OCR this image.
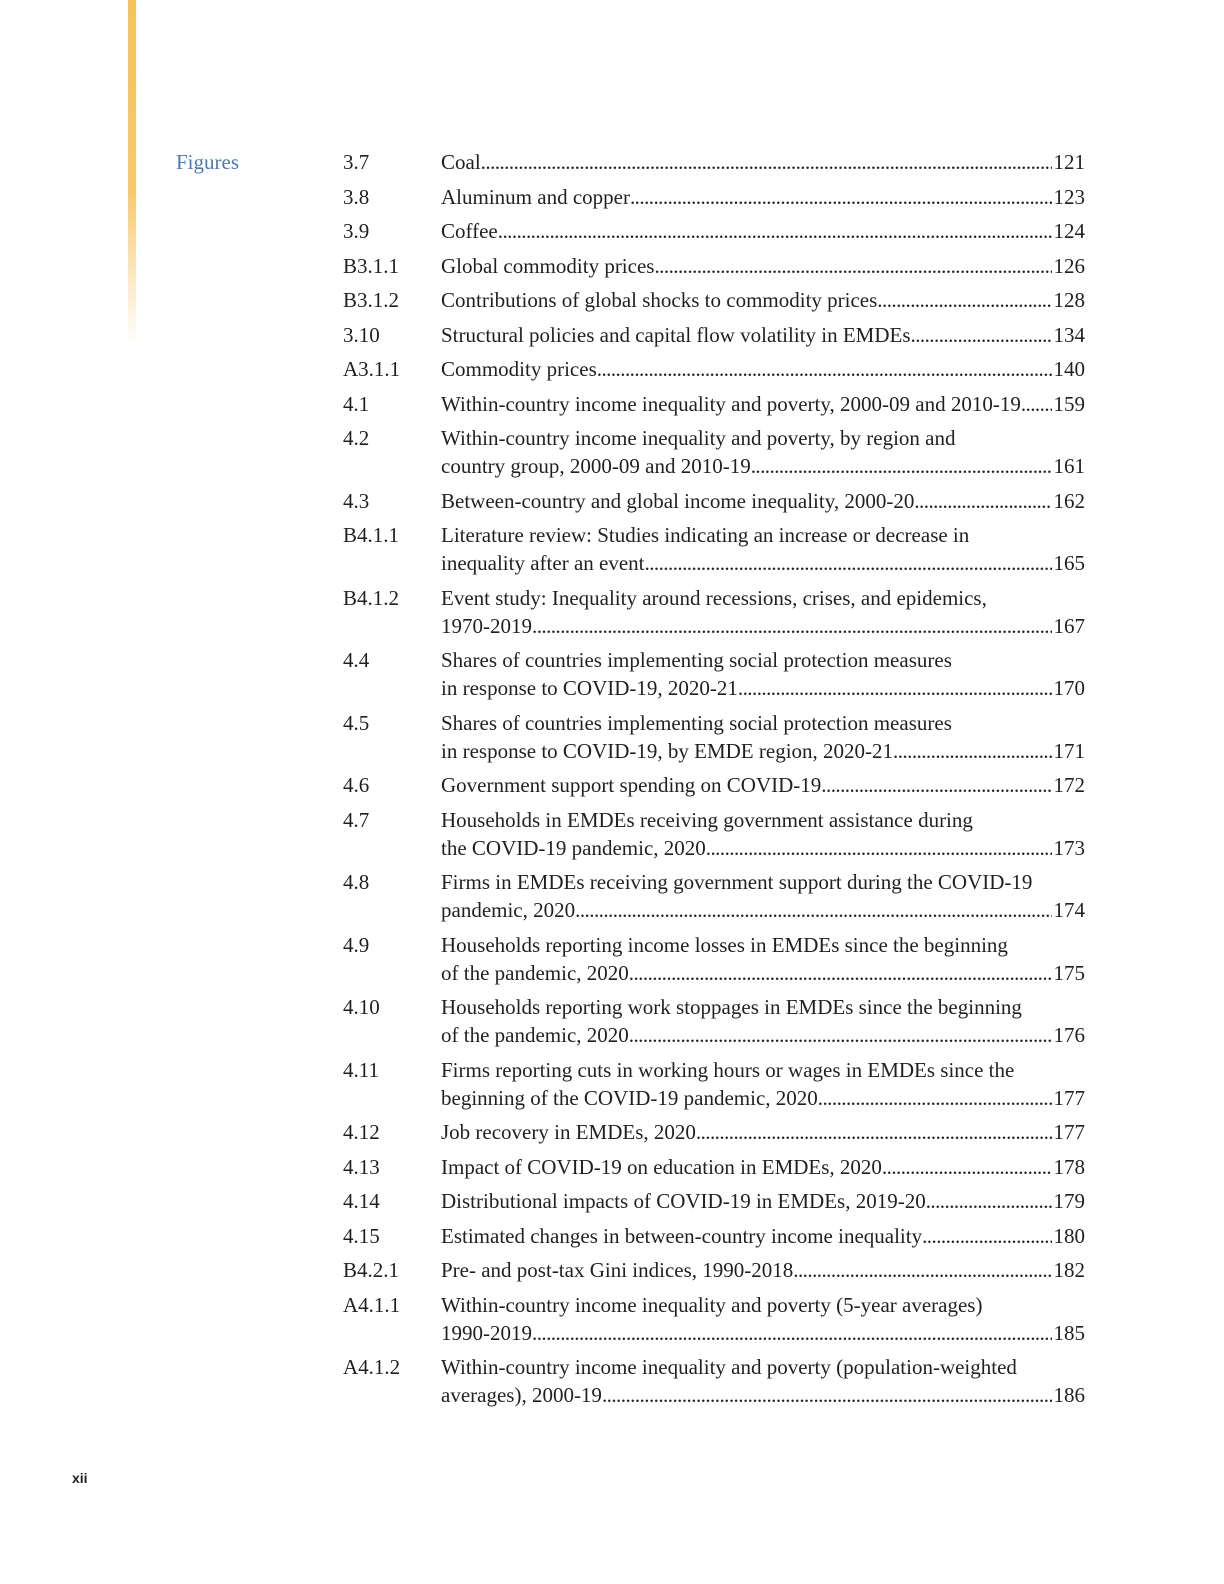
Figures	3.7	Coal . . .	121
3.8	Aluminum and copper . . .	123
3.9	Coffee . . .	124
B3.1.1	Global commodity prices . . .	126
B3.1.2	Contributions of global shocks to commodity prices . . .	128
3.10	Structural policies and capital flow volatility in EMDEs . . .	134
A3.1.1	Commodity prices . . .	140
4.1	Within-country income inequality and poverty, 2000-09 and 2010-19 . . . 159
4.2	Within-country income inequality and poverty, by region and
country group, 2000-09 and 2010-19 . . .	161
4.3	Between-country and global income inequality, 2000-20 . . .	162
B4.1.1	Literature review: Studies indicating an increase or decrease in
inequality after an event . . .	165
B4.1.2	Event study: Inequality around recessions, crises, and epidemics,
1970-2019 . . .	167
4.4	Shares of countries implementing social protection measures
in response to COVID-19, 2020-21 . . .	170
4.5	Shares of countries implementing social protection measures
in response to COVID-19, by EMDE region, 2020-21 . . .	171
4.6	Government support spending on COVID-19 . . .	172
4.7	Households in EMDEs receiving government assistance during
the COVID-19 pandemic, 2020 . . .	173
4.8	Firms in EMDEs receiving government support during the COVID-19
pandemic, 2020 . . .	174
4.9	Households reporting income losses in EMDEs since the beginning
of the pandemic, 2020 . . .	175
4.10	Households reporting work stoppages in EMDEs since the beginning
of the pandemic, 2020 . . .	176
4.11	Firms reporting cuts in working hours or wages in EMDEs since the
beginning of the COVID-19 pandemic, 2020 . . .	177
4.12	Job recovery in EMDEs, 2020 . . .	177
4.13	Impact of COVID-19 on education in EMDEs, 2020 . . .	178
4.14	Distributional impacts of COVID-19 in EMDEs, 2019-20 . . .	179
4.15	Estimated changes in between-country income inequality . . .	180
B4.2.1	Pre- and post-tax Gini indices, 1990-2018 . . .	182
A4.1.1	Within-country income inequality and poverty (5-year averages)
1990-2019 . . .	185
A4.1.2	Within-country income inequality and poverty (population-weighted
averages), 2000-19 . . .	186
xii
